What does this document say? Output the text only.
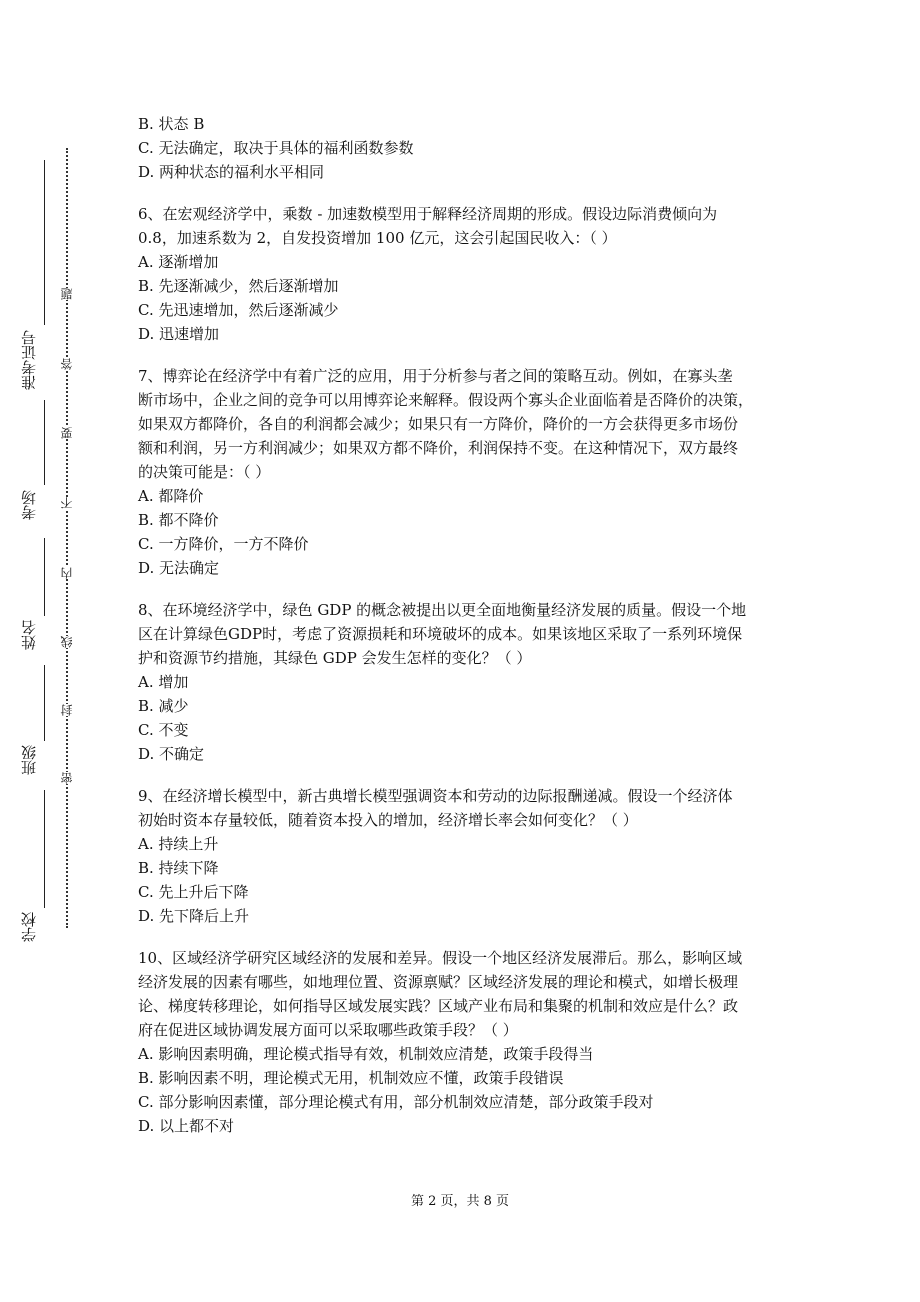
准考证号
考场
姓名
班级
学校
密
封
线
内
不
要
答
题
B. 状态 B
C. 无法确定，取决于具体的福利函数参数
D. 两种状态的福利水平相同
6、在宏观经济学中，乘数 - 加速数模型用于解释经济周期的形成。假设边际消费倾向为
0.8，加速系数为 2，自发投资增加 100 亿元，这会引起国民收入：（ ）
A. 逐渐增加
B. 先逐渐减少，然后逐渐增加
C. 先迅速增加，然后逐渐减少
D. 迅速增加
7、博弈论在经济学中有着广泛的应用，用于分析参与者之间的策略互动。例如，在寡头垄
断市场中，企业之间的竞争可以用博弈论来解释。假设两个寡头企业面临着是否降价的决策，
如果双方都降价，各自的利润都会减少；如果只有一方降价，降价的一方会获得更多市场份
额和利润，另一方利润减少；如果双方都不降价，利润保持不变。在这种情况下，双方最终
的决策可能是：（ ）
A. 都降价
B. 都不降价
C. 一方降价，一方不降价
D. 无法确定
8、在环境经济学中，绿色 GDP 的概念被提出以更全面地衡量经济发展的质量。假设一个地
区在计算绿色GDP时，考虑了资源损耗和环境破坏的成本。如果该地区采取了一系列环境保
护和资源节约措施，其绿色 GDP 会发生怎样的变化？（ ）
A. 增加
B. 减少
C. 不变
D. 不确定
9、在经济增长模型中，新古典增长模型强调资本和劳动的边际报酬递减。假设一个经济体
初始时资本存量较低，随着资本投入的增加，经济增长率会如何变化？（ ）
A. 持续上升
B. 持续下降
C. 先上升后下降
D. 先下降后上升
10、区域经济学研究区域经济的发展和差异。假设一个地区经济发展滞后。那么，影响区域
经济发展的因素有哪些，如地理位置、资源禀赋？区域经济发展的理论和模式，如增长极理
论、梯度转移理论，如何指导区域发展实践？区域产业布局和集聚的机制和效应是什么？政
府在促进区域协调发展方面可以采取哪些政策手段？（ ）
A. 影响因素明确，理论模式指导有效，机制效应清楚，政策手段得当
B. 影响因素不明，理论模式无用，机制效应不懂，政策手段错误
C. 部分影响因素懂，部分理论模式有用，部分机制效应清楚，部分政策手段对
D. 以上都不对
第 2 页，共 8 页
